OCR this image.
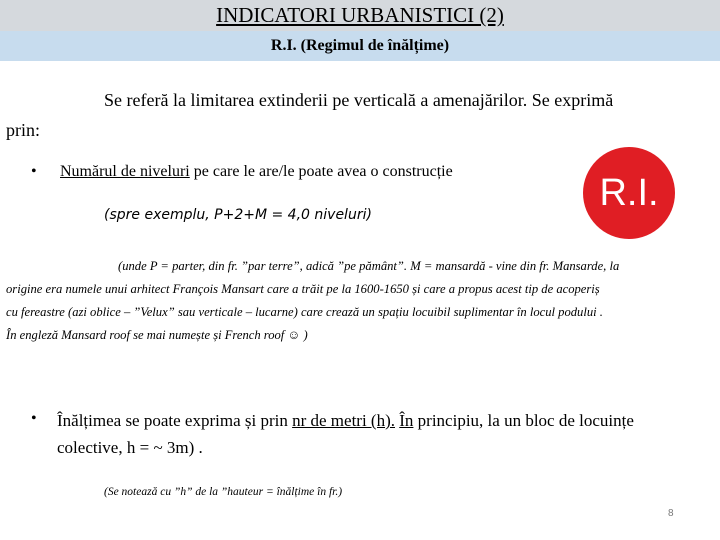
INDICATORI URBANISTICI (2)
R.I. (Regimul de înălțime)
Se referă la limitarea extinderii pe verticală a amenajărilor. Se exprimă
prin:
• Numărul de niveluri pe care le are/le poate avea o construcție
(spre exemplu, P+2+M = 4,0 niveluri)
R.I.
(unde P = parter, din fr. ”par terre”, adică ”pe pământ”. M = mansardă - vine din fr. Mansarde, la
origine era numele unui arhitect François Mansart care a trăit pe la 1600-1650 și care a propus acest tip de acoperiș
cu fereastre (azi oblice – ”Velux” sau verticale – lucarne) care crează un spațiu locuibil suplimentar în locul podului .
În engleză Mansard roof se mai numește și French roof ☺ )
• Înălțimea se poate exprima și prin nr de metri (h). În principiu, la un bloc de locuințe
colective, h = ~ 3m) .
(Se notează cu ”h” de la ”hauteur = înălțime în fr.)
8
